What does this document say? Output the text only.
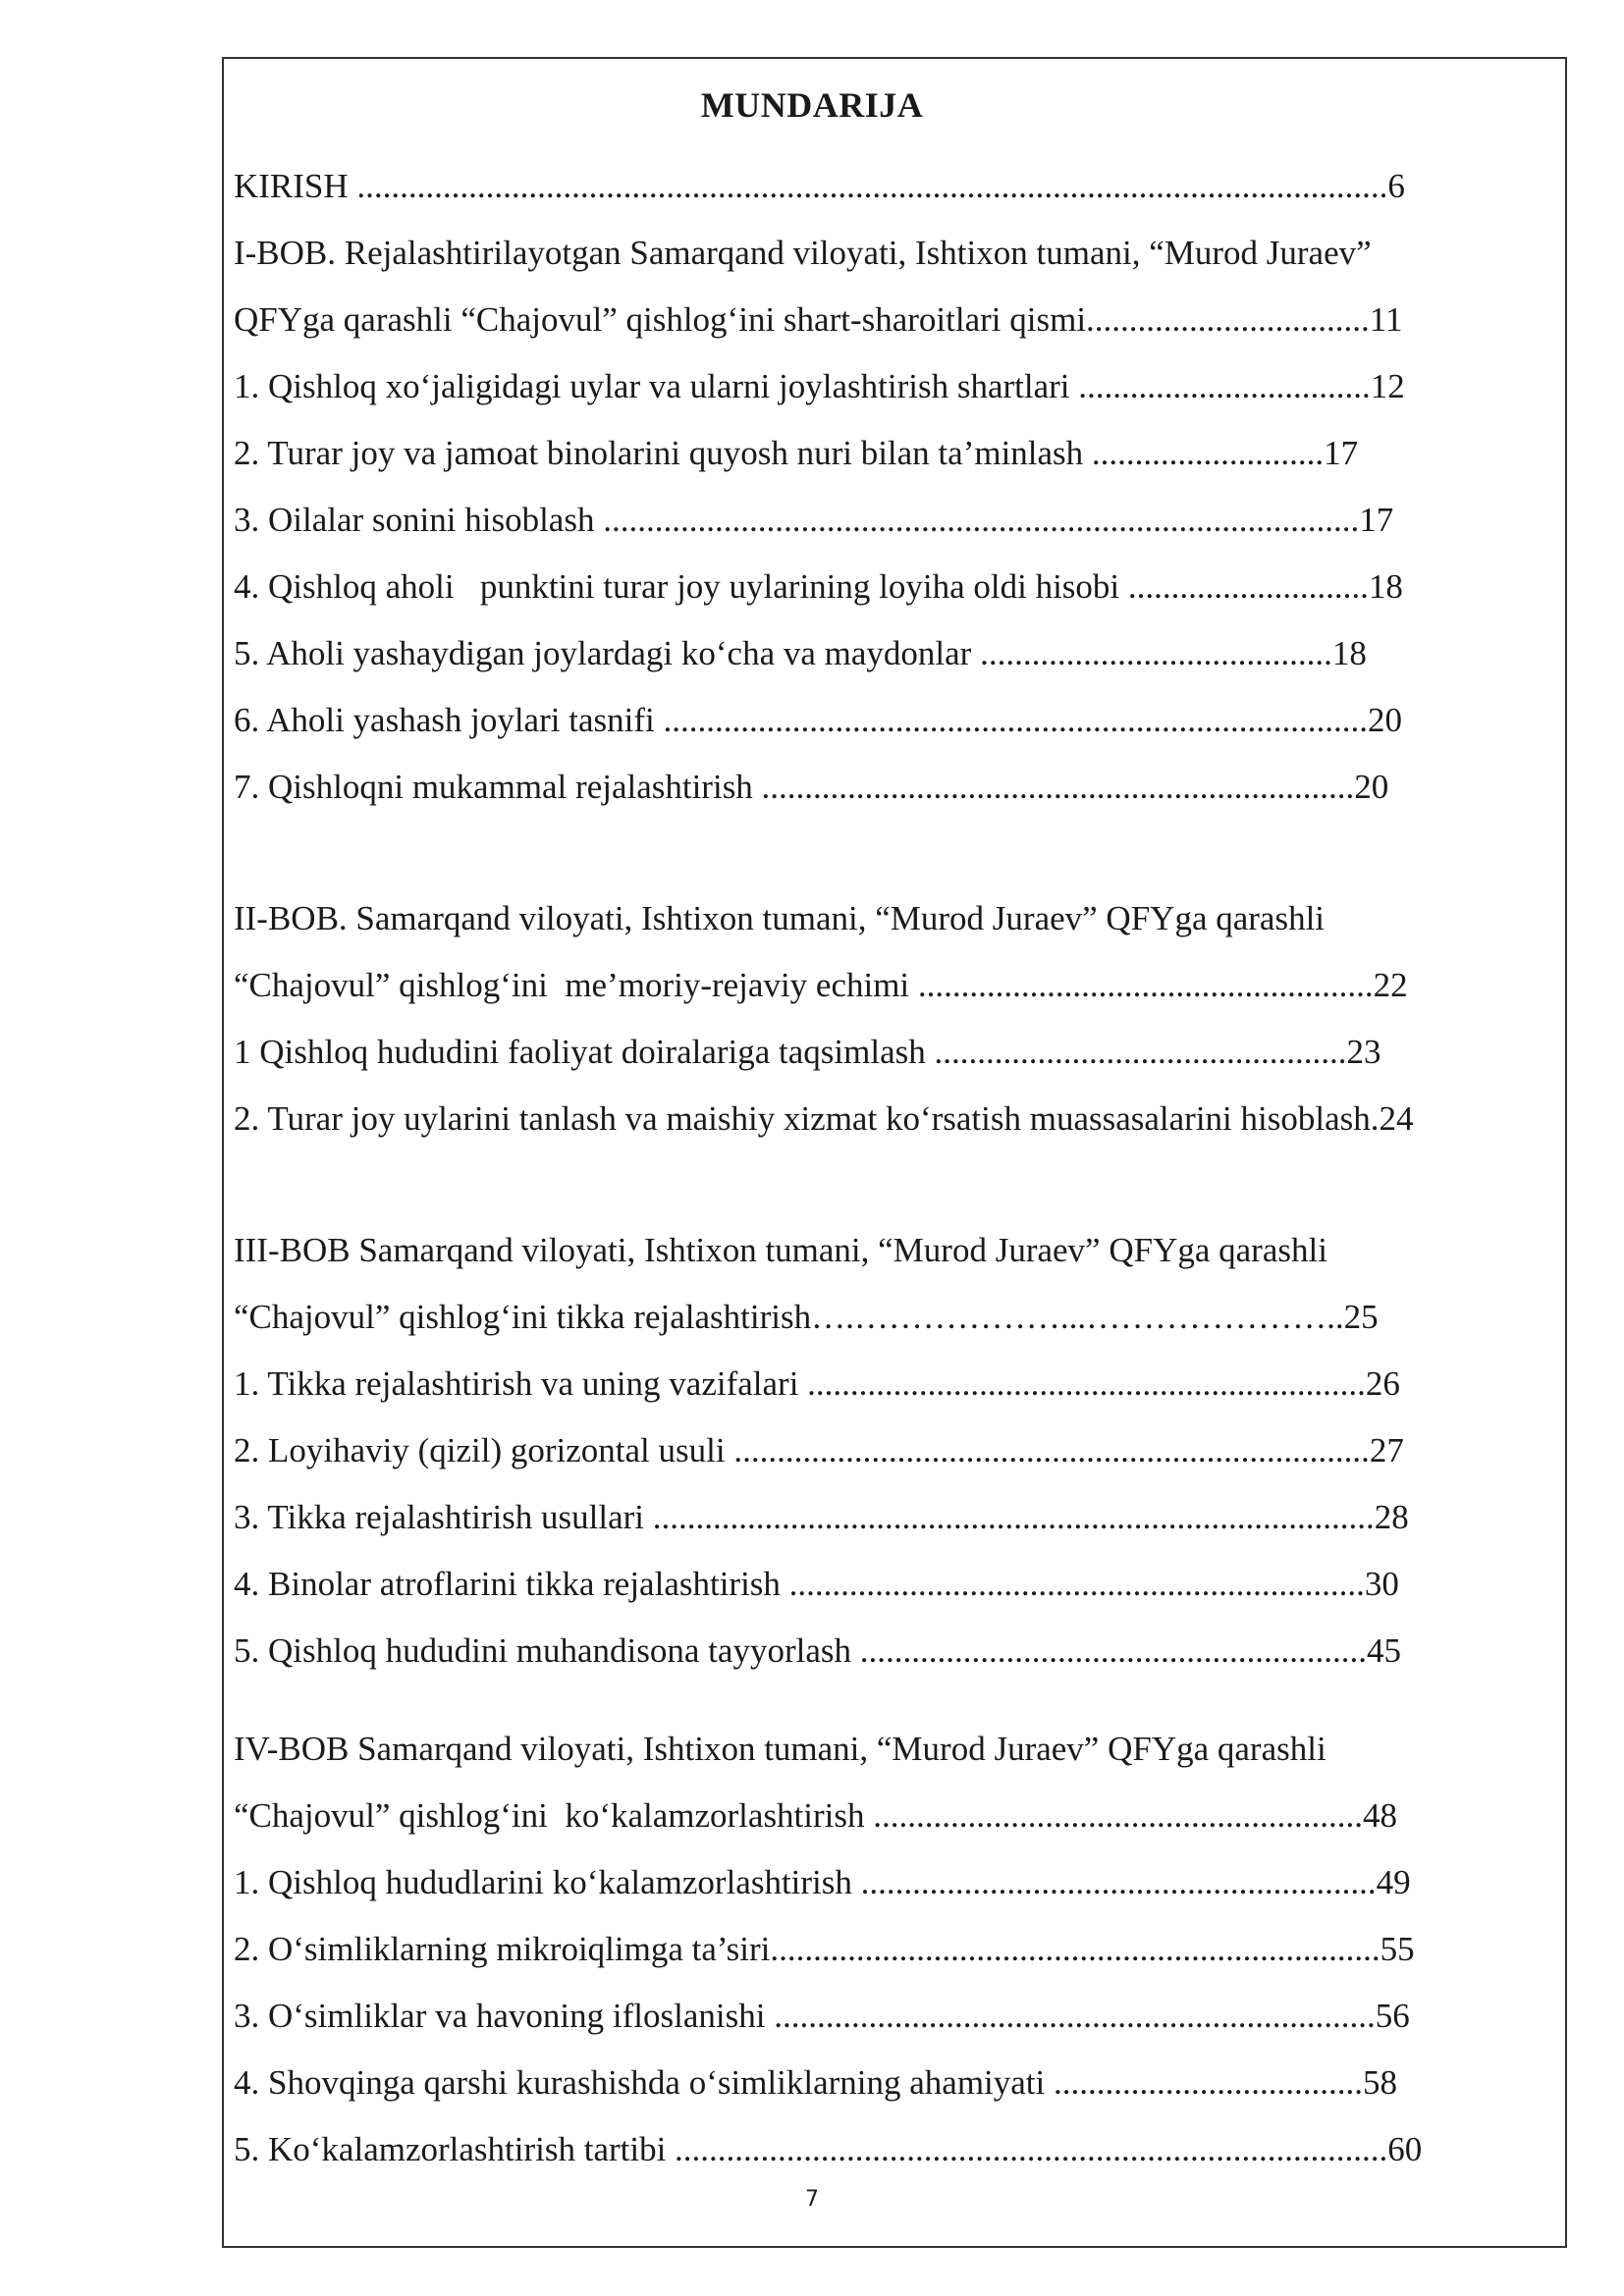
MUNDARIJA
KIRISH ........................................................................................................................6
I-BOB. Rejalashtirilayotgan Samarqand viloyati, Ishtixon tumani, “Murod Juraev”
QFYga qarashli “Chajovul” qishlog‘ini shart-sharoitlari qismi.................................11
1. Qishloq xo‘jaligidagi uylar va ularni joylashtirish shartlari ..................................12
2. Turar joy va jamoat binolarini quyosh nuri bilan ta’minlash ...........................17
3. Oilalar sonini hisoblash ........................................................................................17
4. Qishloq aholi   punktini turar joy uylarining loyiha oldi hisobi ............................18
5. Aholi yashaydigan joylardagi ko‘cha va maydonlar .........................................18
6. Aholi yashash joylari tasnifi ..................................................................................20
7. Qishloqni mukammal rejalashtirish .....................................................................20
II-BOB. Samarqand viloyati, Ishtixon tumani, “Murod Juraev” QFYga qarashli
“Chajovul” qishlog‘ini  me’moriy-rejaviy echimi .....................................................22
1 Qishloq hududini faoliyat doiralariga taqsimlash ................................................23
2. Turar joy uylarini tanlash va maishiy xizmat ko‘rsatish muassasalarini hisoblash.24
III-BOB Samarqand viloyati, Ishtixon tumani, “Murod Juraev” QFYga qarashli
“Chajovul” qishlog‘ini tikka rejalashtirish….………………...…………………..25
1. Tikka rejalashtirish va uning vazifalari .................................................................26
2. Loyihaviy (qizil) gorizontal usuli ..........................................................................27
3. Tikka rejalashtirish usullari ....................................................................................28
4. Binolar atroflarini tikka rejalashtirish ...................................................................30
5. Qishloq hududini muhandisona tayyorlash ...........................................................45
IV-BOB Samarqand viloyati, Ishtixon tumani, “Murod Juraev” QFYga qarashli
“Chajovul” qishlog‘ini  ko‘kalamzorlashtirish .........................................................48
1. Qishloq hududlarini ko‘kalamzorlashtirish ............................................................49
2. O‘simliklarning mikroiqlimga ta’siri.......................................................................55
3. O‘simliklar va havoning ifloslanishi ......................................................................56
4. Shovqinga qarshi kurashishda o‘simliklarning ahamiyati ....................................58
5. Ko‘kalamzorlashtirish tartibi ...................................................................................60
7
